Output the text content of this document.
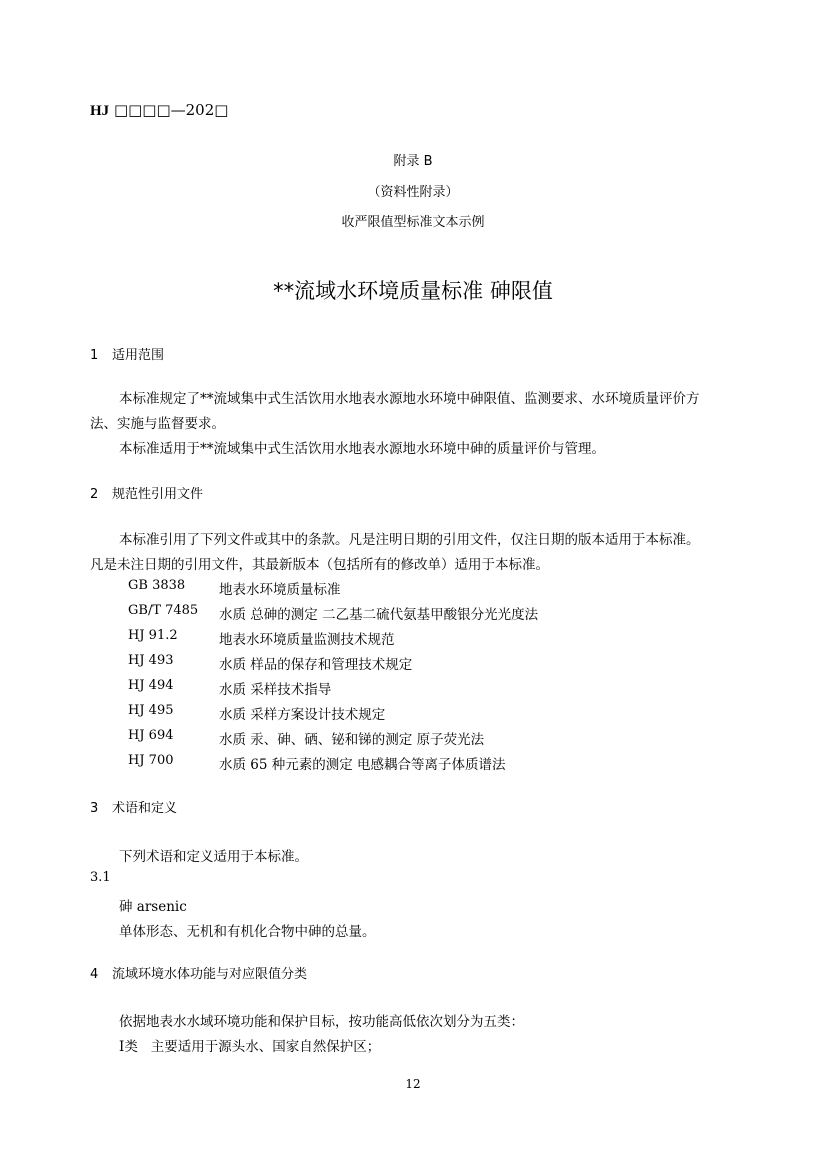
HJ □□□□—202□
附录 B
（资料性附录）
收严限值型标准文本示例
**流域水环境质量标准 砷限值
1 适用范围
本标准规定了**流域集中式生活饮用水地表水源地水环境中砷限值、监测要求、水环境质量评价方
法、实施与监督要求。
本标准适用于**流域集中式生活饮用水地表水源地水环境中砷的质量评价与管理。
2 规范性引用文件
本标准引用了下列文件或其中的条款。凡是注明日期的引用文件，仅注日期的版本适用于本标准。
凡是未注日期的引用文件，其最新版本（包括所有的修改单）适用于本标准。
GB 3838	地表水环境质量标准
GB/T 7485 水质 总砷的测定 二乙基二硫代氨基甲酸银分光光度法
HJ 91.2	地表水环境质量监测技术规范
HJ 493	水质 样品的保存和管理技术规定
HJ 494	水质 采样技术指导
HJ 495	水质 采样方案设计技术规定
HJ 694	水质 汞、砷、硒、铋和锑的测定 原子荧光法
HJ 700	水质 65 种元素的测定 电感耦合等离子体质谱法
3 术语和定义
下列术语和定义适用于本标准。
3.1
砷 arsenic
单体形态、无机和有机化合物中砷的总量。
4 流域环境水体功能与对应限值分类
依据地表水水域环境功能和保护目标，按功能高低依次划分为五类：
Ⅰ类 主要适用于源头水、国家自然保护区；
12
